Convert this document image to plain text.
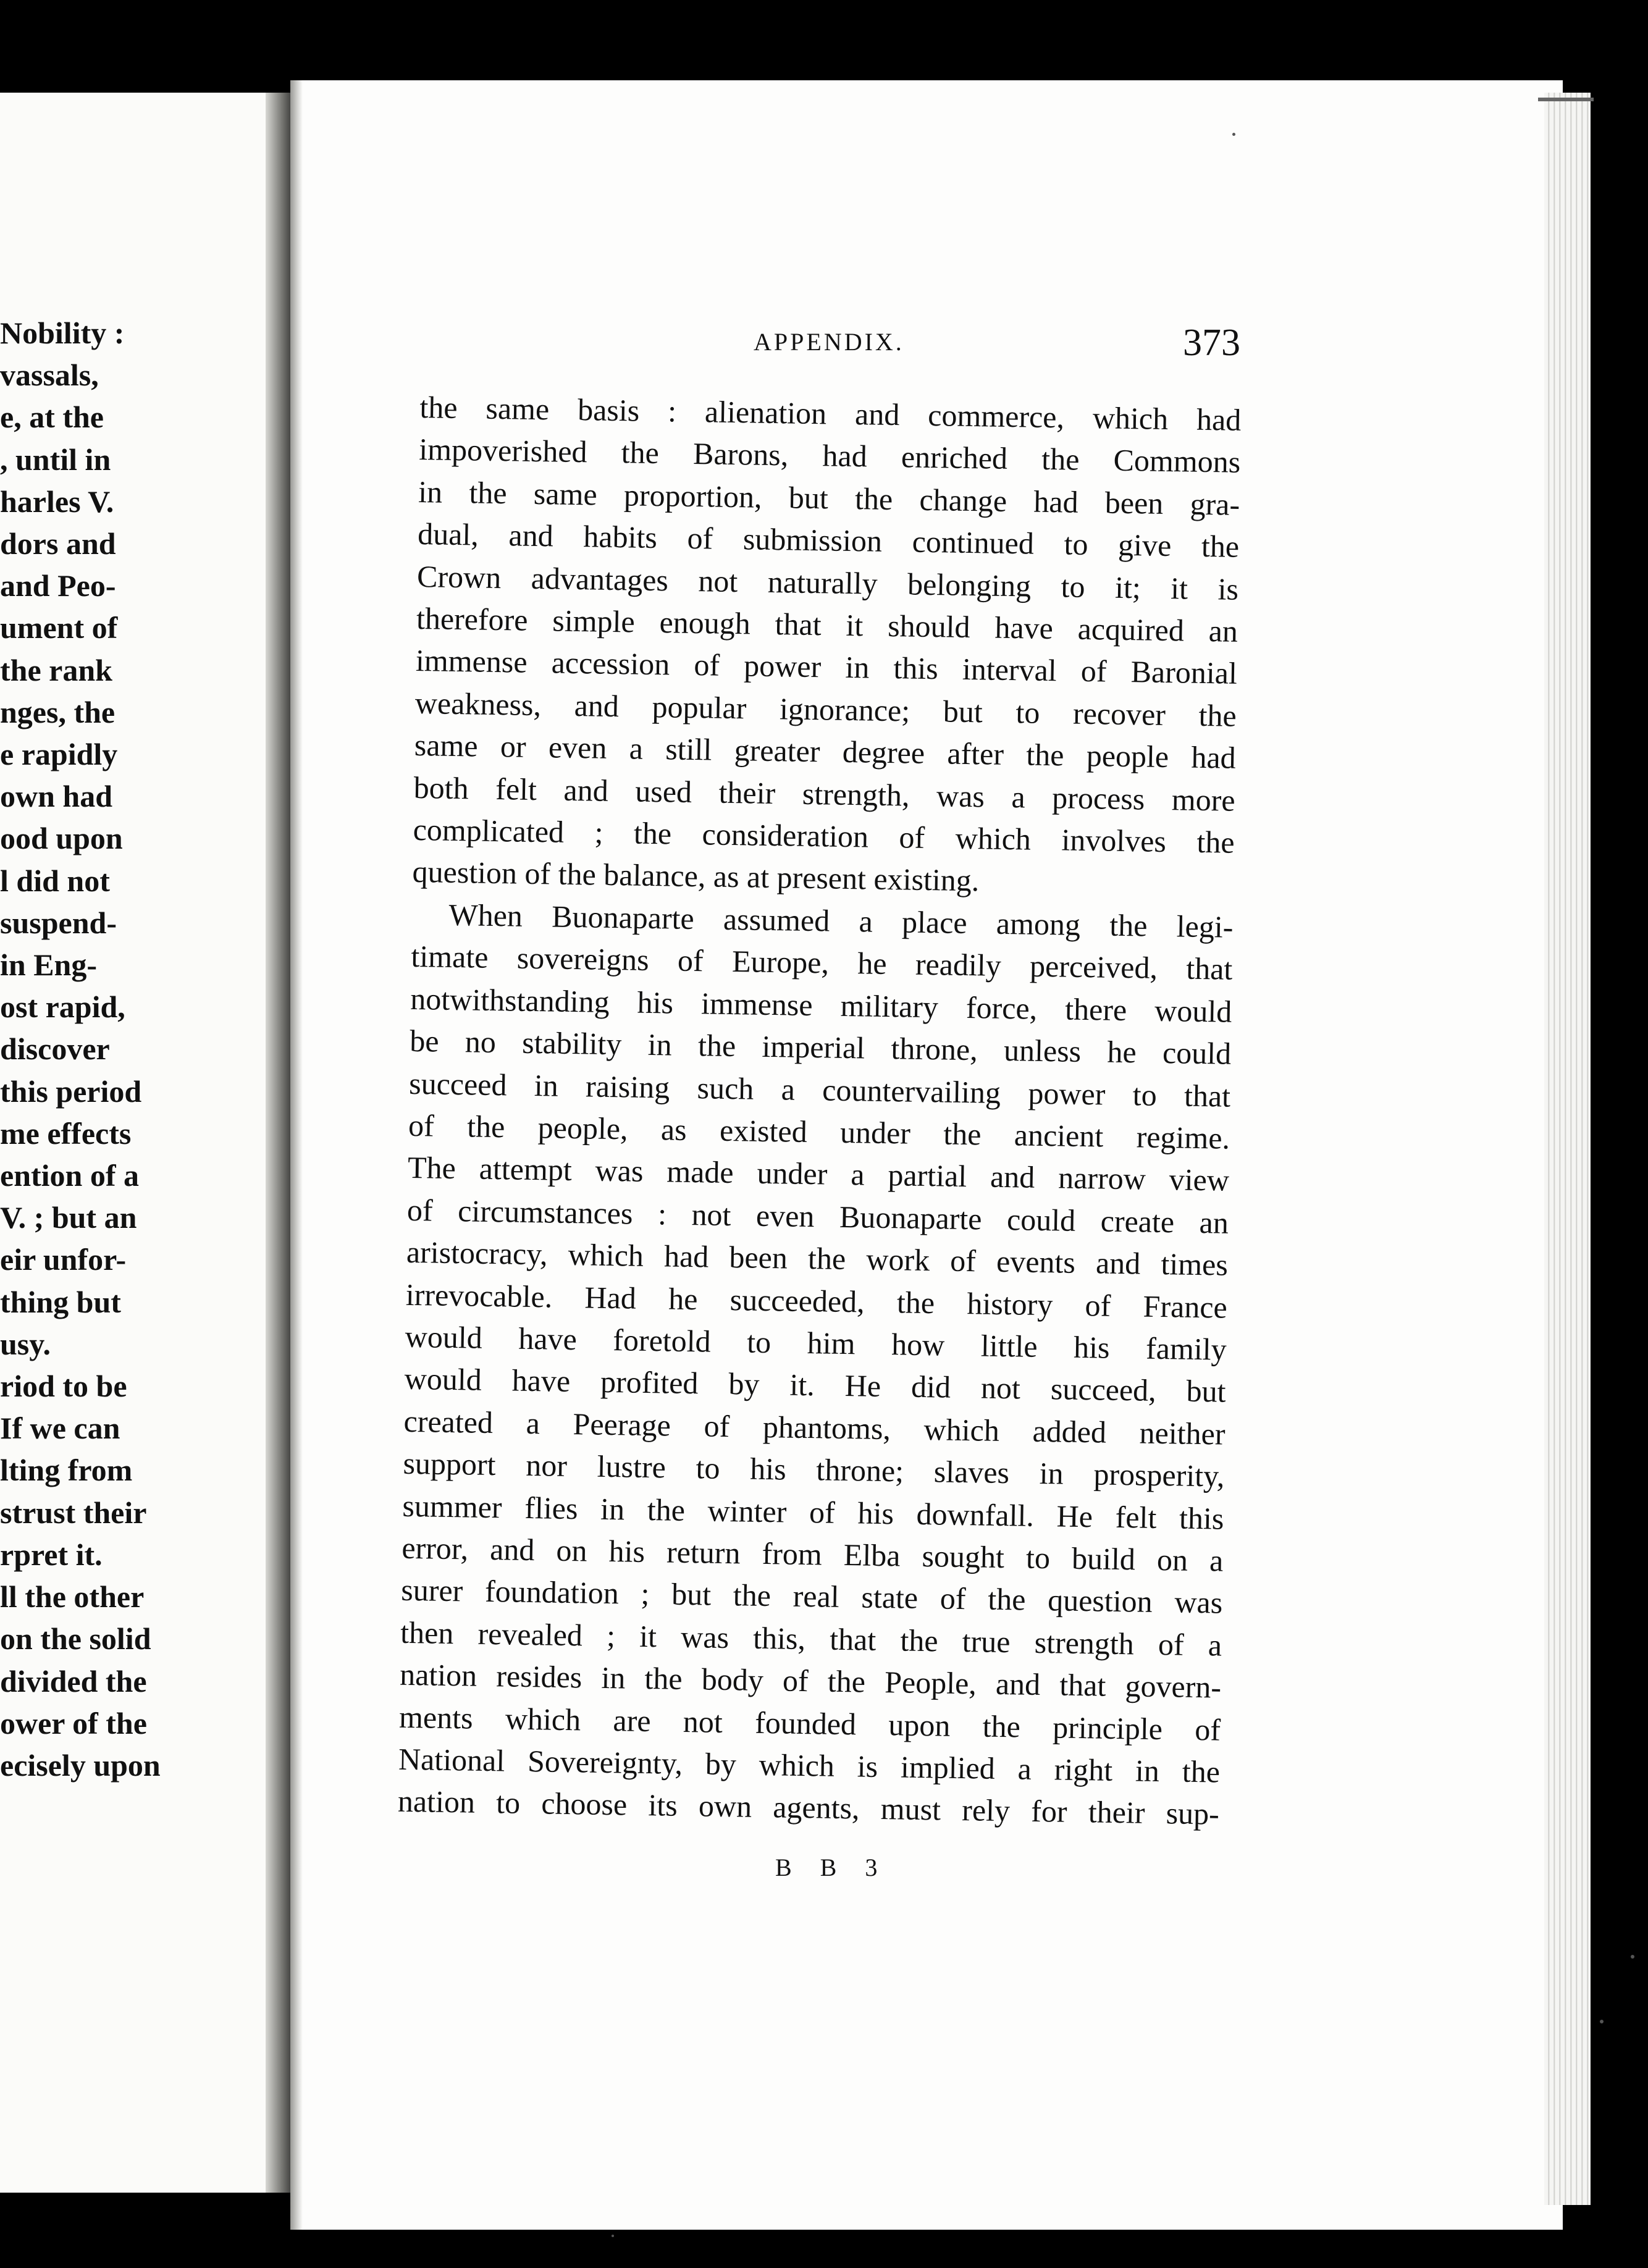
Nobility :
vassals,
e, at the
, until in
harles V.
dors and
and Peo-
ument of
the rank
nges, the
e rapidly
own had
ood upon
l did not
suspend-
in Eng-
ost rapid,
discover
this period
me effects
ention of a
V. ; but an
eir unfor-
thing but
usy.
riod to be
If we can
lting from
strust their
rpret it.
ll the other
on the solid
divided the
ower of the
ecisely upon
APPENDIX.	373
the same basis : alienation and commerce, which had
impoverished the Barons, had enriched the Commons
in the same proportion, but the change had been gra-
dual, and habits of submission continued to give the
Crown advantages not naturally belonging to it; it is
therefore simple enough that it should have acquired an
immense accession of power in this interval of Baronial
weakness, and popular ignorance; but to recover the
same or even a still greater degree after the people had
both felt and used their strength, was a process more
complicated ; the consideration of which involves the
question of the balance, as at present existing.
When Buonaparte assumed a place among the legi-
timate sovereigns of Europe, he readily perceived, that
notwithstanding his immense military force, there would
be no stability in the imperial throne, unless he could
succeed in raising such a countervailing power to that
of the people, as existed under the ancient regime.
The attempt was made under a partial and narrow view
of circumstances : not even Buonaparte could create an
aristocracy, which had been the work of events and times
irrevocable. Had he succeeded, the history of France
would have foretold to him how little his family
would have profited by it. He did not succeed, but
created a Peerage of phantoms, which added neither
support nor lustre to his throne; slaves in prosperity,
summer flies in the winter of his downfall. He felt this
error, and on his return from Elba sought to build on a
surer foundation ; but the real state of the question was
then revealed ; it was this, that the true strength of a
nation resides in the body of the People, and that govern-
ments which are not founded upon the principle of
National Sovereignty, by which is implied a right in the
nation to choose its own agents, must rely for their sup-
B B 3
